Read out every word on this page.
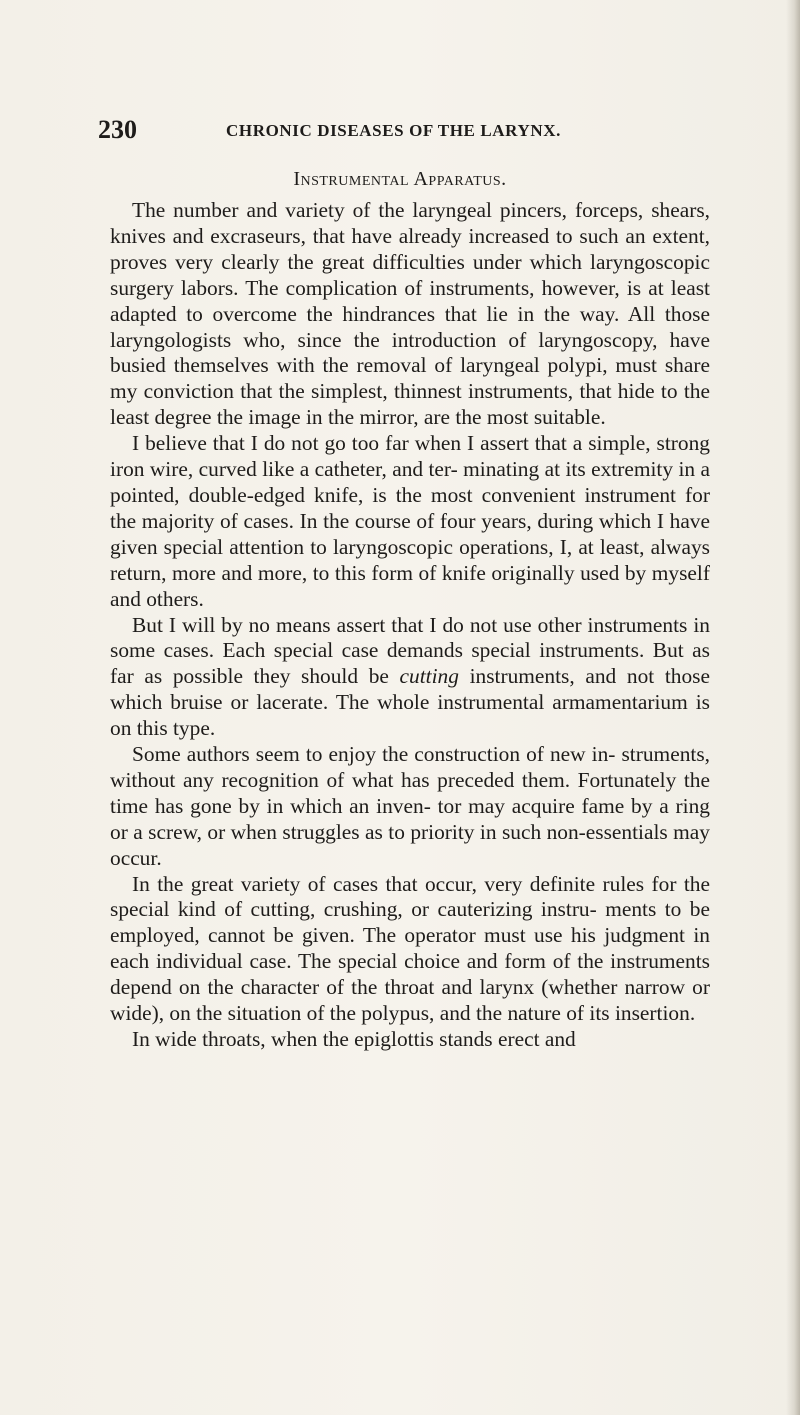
230	CHRONIC DISEASES OF THE LARYNX.
Instrumental Apparatus.

The number and variety of the laryngeal pincers, forceps, shears, knives and excraseurs, that have already increased to such an extent, proves very clearly the great difficulties under which laryngoscopic surgery labors. The complication of instruments, however, is at least adapted to overcome the hindrances that lie in the way. All those laryngologists who, since the introduction of laryngoscopy, have busied themselves with the removal of laryngeal polypi, must share my conviction that the simplest, thinnest instruments, that hide to the least degree the image in the mirror, are the most suitable.

I believe that I do not go too far when I assert that a simple, strong iron wire, curved like a catheter, and ter- minating at its extremity in a pointed, double-edged knife, is the most convenient instrument for the majority of cases. In the course of four years, during which I have given special attention to laryngoscopic operations, I, at least, always return, more and more, to this form of knife originally used by myself and others.

But I will by no means assert that I do not use other instruments in some cases. Each special case demands special instruments. But as far as possible they should be cutting instruments, and not those which bruise or lacerate. The whole instrumental armamentarium is on this type.

Some authors seem to enjoy the construction of new in- struments, without any recognition of what has preceded them. Fortunately the time has gone by in which an inven- tor may acquire fame by a ring or a screw, or when struggles as to priority in such non-essentials may occur.

In the great variety of cases that occur, very definite rules for the special kind of cutting, crushing, or cauterizing instru- ments to be employed, cannot be given. The operator must use his judgment in each individual case. The special choice and form of the instruments depend on the character of the throat and larynx (whether narrow or wide), on the situation of the polypus, and the nature of its insertion.

In wide throats, when the epiglottis stands erect and
